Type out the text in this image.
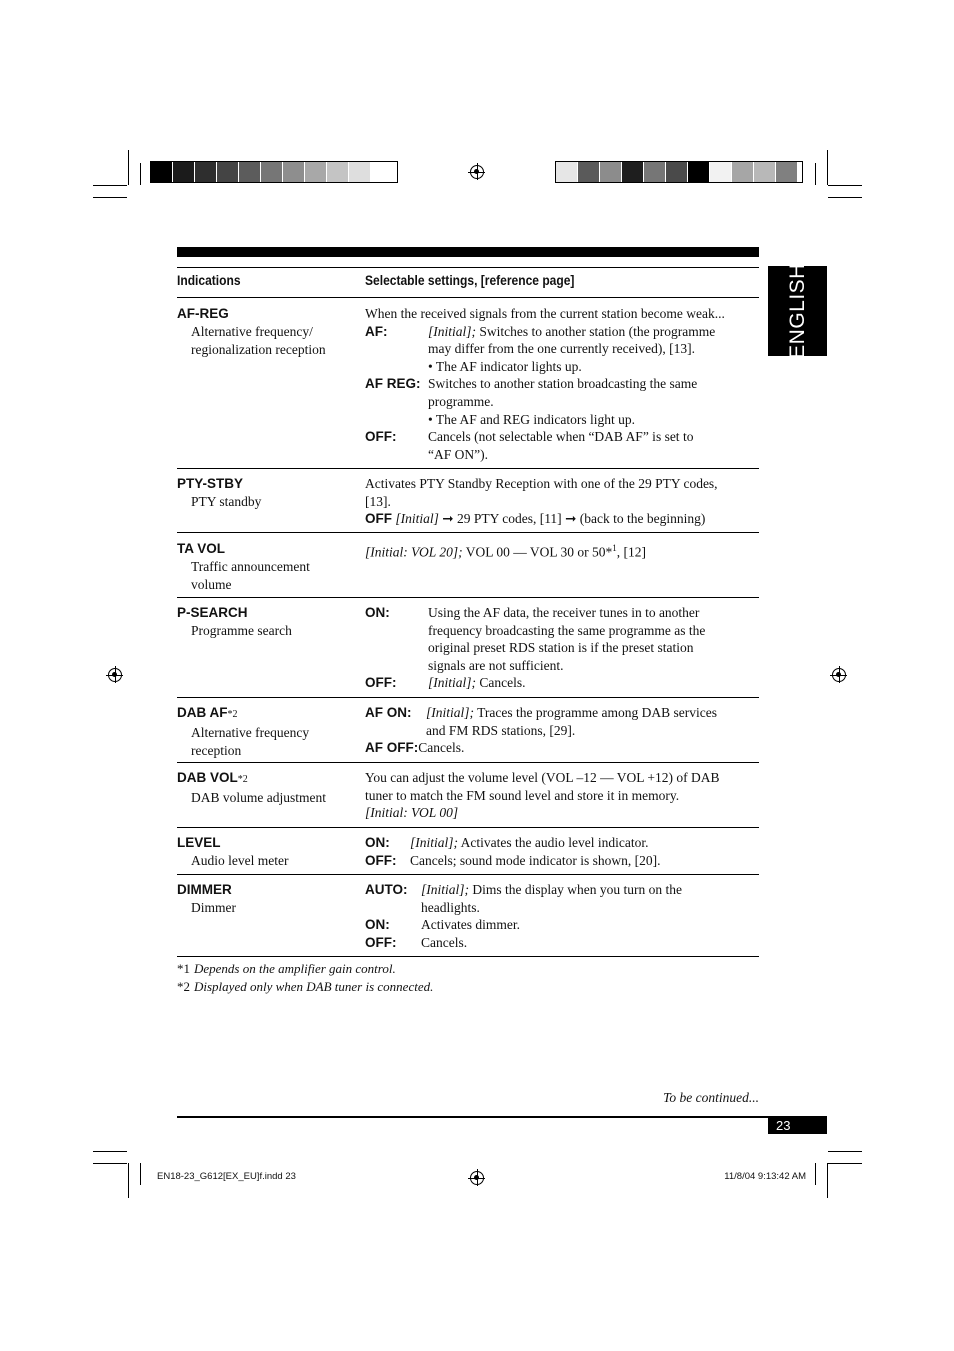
ENGLISH
Indications	Selectable settings, [reference page]
AF-REG
Alternative frequency/
regionalization reception
When the received signals from the current station become weak...
AF:	[Initial]; Switches to another station (the programme
may differ from the one currently received), [13].
• The AF indicator lights up.
AF REG: Switches to another station broadcasting the same
programme.
• The AF and REG indicators light up.
OFF:	Cancels (not selectable when “DAB AF” is set to
“AF ON”).
PTY-STBY
PTY standby
Activates PTY Standby Reception with one of the 29 PTY codes,
[13].
OFF [Initial] ➞ 29 PTY codes, [11] ➞ (back to the beginning)
TA VOL
Traffic announcement
volume
[Initial: VOL 20]; VOL 00 — VOL 30 or 50*$^1$, [12]
P-SEARCH
Programme search
ON:	Using the AF data, the receiver tunes in to another
frequency broadcasting the same programme as the
original preset RDS station is if the preset station
signals are not sufficient.
OFF:	[Initial]; Cancels.
DAB AF*2
Alternative frequency
reception
AF ON:	[Initial]; Traces the programme among DAB services
and FM RDS stations, [29].
AF OFF: Cancels.
DAB VOL*2
DAB volume adjustment
You can adjust the volume level (VOL –12 — VOL +12) of DAB
tuner to match the FM sound level and store it in memory.
[Initial: VOL 00]
LEVEL
Audio level meter
ON:	[Initial]; Activates the audio level indicator.
OFF:	Cancels; sound mode indicator is shown, [20].
DIMMER
Dimmer
AUTO:	[Initial]; Dims the display when you turn on the
headlights.
ON:	Activates dimmer.
OFF:	Cancels.
*1 Depends on the amplifier gain control.
*2 Displayed only when DAB tuner is connected.
To be continued...
23
EN18-23_G612[EX_EU]f.indd 23	11/8/04 9:13:42 AM
